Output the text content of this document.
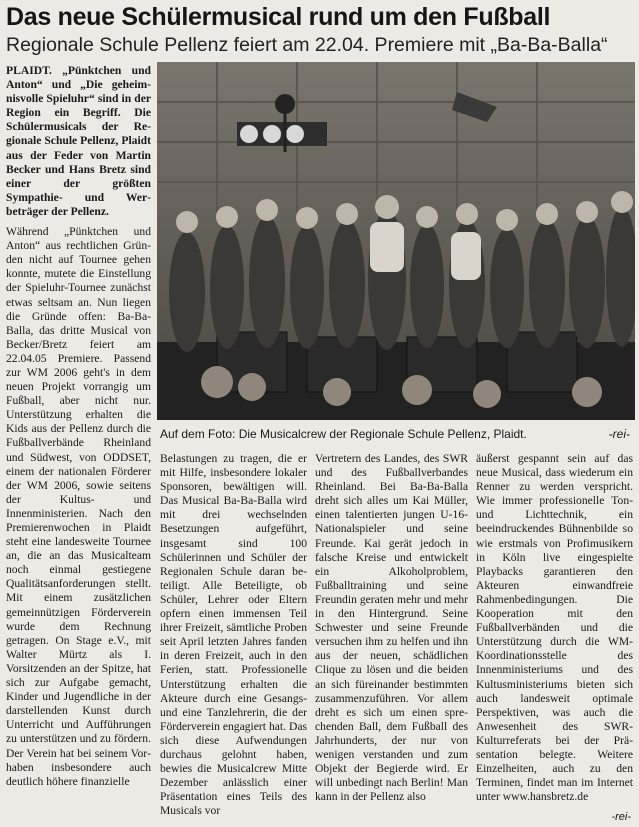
Das neue Schülermusical rund um den Fußball
Regionale Schule Pellenz feiert am 22.04. Premiere mit „Ba-Ba-Balla“

PLAIDT. „Pünktchen und Anton“ und „Die geheimnisvolle Spieluhr“ sind in der Region ein Begriff. Die Schülermusicals der Regionale Schule Pellenz, Plaidt aus der Feder von Martin Becker und Hans Bretz sind einer der größten Sympathie- und Werbeträger der Pellenz.

Während „Pünktchen und Anton“ aus rechtlichen Gründen nicht auf Tournee gehen konnte, mutete die Einstellung der Spieluhr-Tournee zunächst etwas seltsam an. Nun liegen die Gründe offen: Ba-Ba-Balla, das dritte Musical von Becker/Bretz feiert am 22.04.05 Premiere. Passend zur WM 2006 geht's in dem neuen Projekt vorrangig um Fußball, aber nicht nur. Unterstützung erhalten die Kids aus der Pellenz durch die Fußballverbände Rheinland und Südwest, von ODDSET, einem der nationalen Förderer der WM 2006, sowie seitens der Kultus- und Innenministerien. Nach den Premierenwochen in Plaidt steht eine landesweite Tournee an, die an das Musicalteam noch einmal gestiegene Qualitätsanforderungen stellt. Mit einem zusätzlichen gemeinnützigen Förderverein wurde dem Rechnung getragen. On Stage e.V., mit Walter Mürtz als I. Vorsitzenden an der Spitze, hat sich zur Aufgabe gemacht, Kinder und Jugendliche in der darstellenden Kunst durch Unterricht und Aufführungen zu unterstützen und zu fördern. Der Verein hat bei seinem Vorhaben insbesondere auch deutlich höhere finanzielle

Auf dem Foto: Die Musicalcrew der Regionale Schule Pellenz, Plaidt.	-rei-

Belastungen zu tragen, die er mit Hilfe, insbesondere lokaler Sponsoren, bewältigen will. Das Musical Ba-Ba-Balla wird mit drei wechselnden Besetzungen aufgeführt, insgesamt sind 100 Schülerinnen und Schüler der Regionalen Schule daran beteiligt. Alle Beteiligte, ob Schüler, Lehrer oder Eltern opfern einen immensen Teil ihrer Freizeit, sämtliche Proben seit April letzten Jahres fanden in deren Freizeit, auch in den Ferien, statt. Professionelle Unterstützung erhalten die Akteure durch eine Gesangs- und eine Tanzlehrerin, die der Förderverein engagiert hat. Das sich diese Aufwendungen durchaus gelohnt haben, bewies die Musicalcrew Mitte Dezember anlässlich einer Präsentation eines Teils des Musicals vor

Vertretern des Landes, des SWR und des Fußballverbandes Rheinland. Bei Ba-Ba-Balla dreht sich alles um Kai Müller, einen talentierten jungen U-16-Nationalspieler und seine Freunde. Kai gerät jedoch in falsche Kreise und entwickelt ein Alkoholproblem, Fußballtraining und seine Freundin geraten mehr und mehr in den Hintergrund. Seine Schwester und seine Freunde versuchen ihm zu helfen und ihn aus der neuen, schädlichen Clique zu lösen und die beiden an sich füreinander bestimmten zusammenzuführen. Vor allem dreht es sich um einen sprechenden Ball, dem Fußball des Jahrhunderts, der nur von wenigen verstanden und zum Objekt der Begierde wird. Er will unbedingt nach Berlin! Man kann in der Pellenz also

äußerst gespannt sein auf das neue Musical, dass wiederum ein Renner zu werden verspricht. Wie immer professionelle Ton- und Lichttechnik, ein beeindruckendes Bühnenbilde so wie erstmals von Profimusikern in Köln live eingespielte Playbacks garantieren den Akteuren einwandfreie Rahmenbedingungen. Die Kooperation mit den Fußballverbänden und die Unterstützung durch die WM-Koordinationsstelle des Innenministeriums und des Kultusministeriums bieten sich auch landesweit optimale Perspektiven, was auch die Anwesenheit des SWR-Kulturreferats bei der Präsentation belegte. Weitere Einzelheiten, auch zu den Terminen, findet man im Internet unter www.hansbretz.de

-rei-
